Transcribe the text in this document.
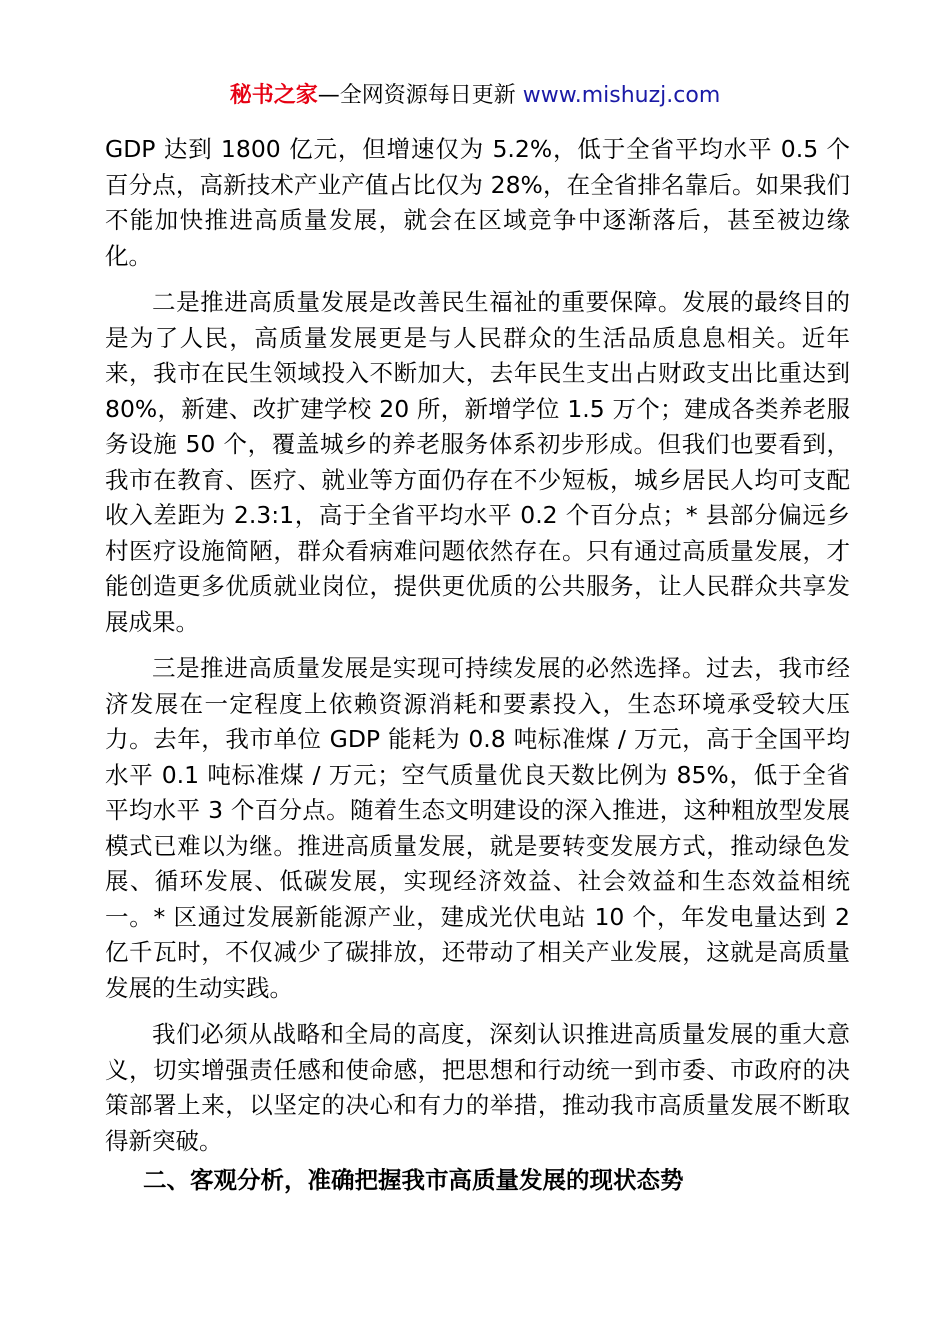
秘书之家—全网资源每日更新 www.mishuzj.com

GDP 达到 1800 亿元，但增速仅为 5.2%，低于全省平均水平 0.5 个百分点，高新技术产业产值占比仅为 28%，在全省排名靠后。如果我们不能加快推进高质量发展，就会在区域竞争中逐渐落后，甚至被边缘化。

二是推进高质量发展是改善民生福祉的重要保障。发展的最终目的是为了人民，高质量发展更是与人民群众的生活品质息息相关。近年来，我市在民生领域投入不断加大，去年民生支出占财政支出比重达到 80%，新建、改扩建学校 20 所，新增学位 1.5 万个；建成各类养老服务设施 50 个，覆盖城乡的养老服务体系初步形成。但我们也要看到，我市在教育、医疗、就业等方面仍存在不少短板，城乡居民人均可支配收入差距为 2.3:1，高于全省平均水平 0.2 个百分点；* 县部分偏远乡村医疗设施简陋，群众看病难问题依然存在。只有通过高质量发展，才能创造更多优质就业岗位，提供更优质的公共服务，让人民群众共享发展成果。

三是推进高质量发展是实现可持续发展的必然选择。过去，我市经济发展在一定程度上依赖资源消耗和要素投入，生态环境承受较大压力。去年，我市单位 GDP 能耗为 0.8 吨标准煤 / 万元，高于全国平均水平 0.1 吨标准煤 / 万元；空气质量优良天数比例为 85%，低于全省平均水平 3 个百分点。随着生态文明建设的深入推进，这种粗放型发展模式已难以为继。推进高质量发展，就是要转变发展方式，推动绿色发展、循环发展、低碳发展，实现经济效益、社会效益和生态效益相统一。* 区通过发展新能源产业，建成光伏电站 10 个，年发电量达到 2 亿千瓦时，不仅减少了碳排放，还带动了相关产业发展，这就是高质量发展的生动实践。

我们必须从战略和全局的高度，深刻认识推进高质量发展的重大意义，切实增强责任感和使命感，把思想和行动统一到市委、市政府的决策部署上来，以坚定的决心和有力的举措，推动我市高质量发展不断取得新突破。

二、客观分析，准确把握我市高质量发展的现状态势
